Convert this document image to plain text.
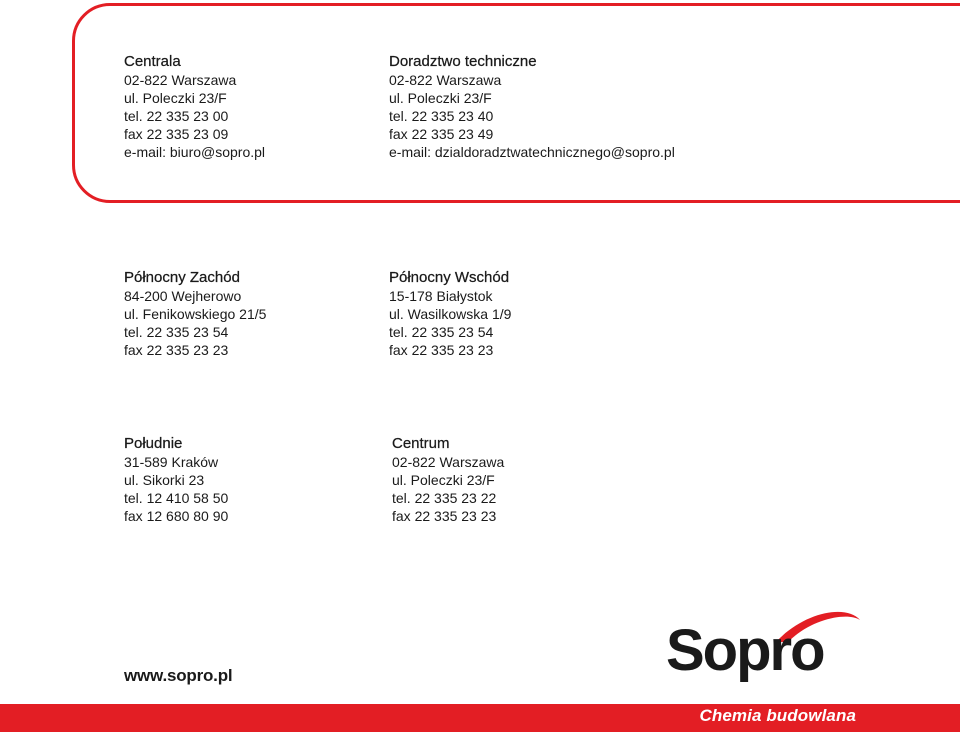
Centrala
02-822 Warszawa
ul. Poleczki 23/F
tel. 22 335 23 00
fax 22 335 23 09
e-mail: biuro@sopro.pl
Doradztwo techniczne
02-822 Warszawa
ul. Poleczki 23/F
tel. 22 335 23 40
fax 22 335 23 49
e-mail: dzialdoradztwatechnicznego@sopro.pl
Północny Zachód
84-200 Wejherowo
ul. Fenikowskiego 21/5
tel. 22 335 23 54
fax 22 335 23 23
Północny Wschód
15-178 Białystok
ul. Wasilkowska 1/9
tel. 22 335 23 54
fax 22 335 23 23
Południe
31-589 Kraków
ul. Sikorki 23
tel. 12 410 58 50
fax 12 680 80 90
Centrum
02-822 Warszawa
ul. Poleczki 23/F
tel. 22 335 23 22
fax 22 335 23 23
www.sopro.pl	Sopro
Chemia budowlana
